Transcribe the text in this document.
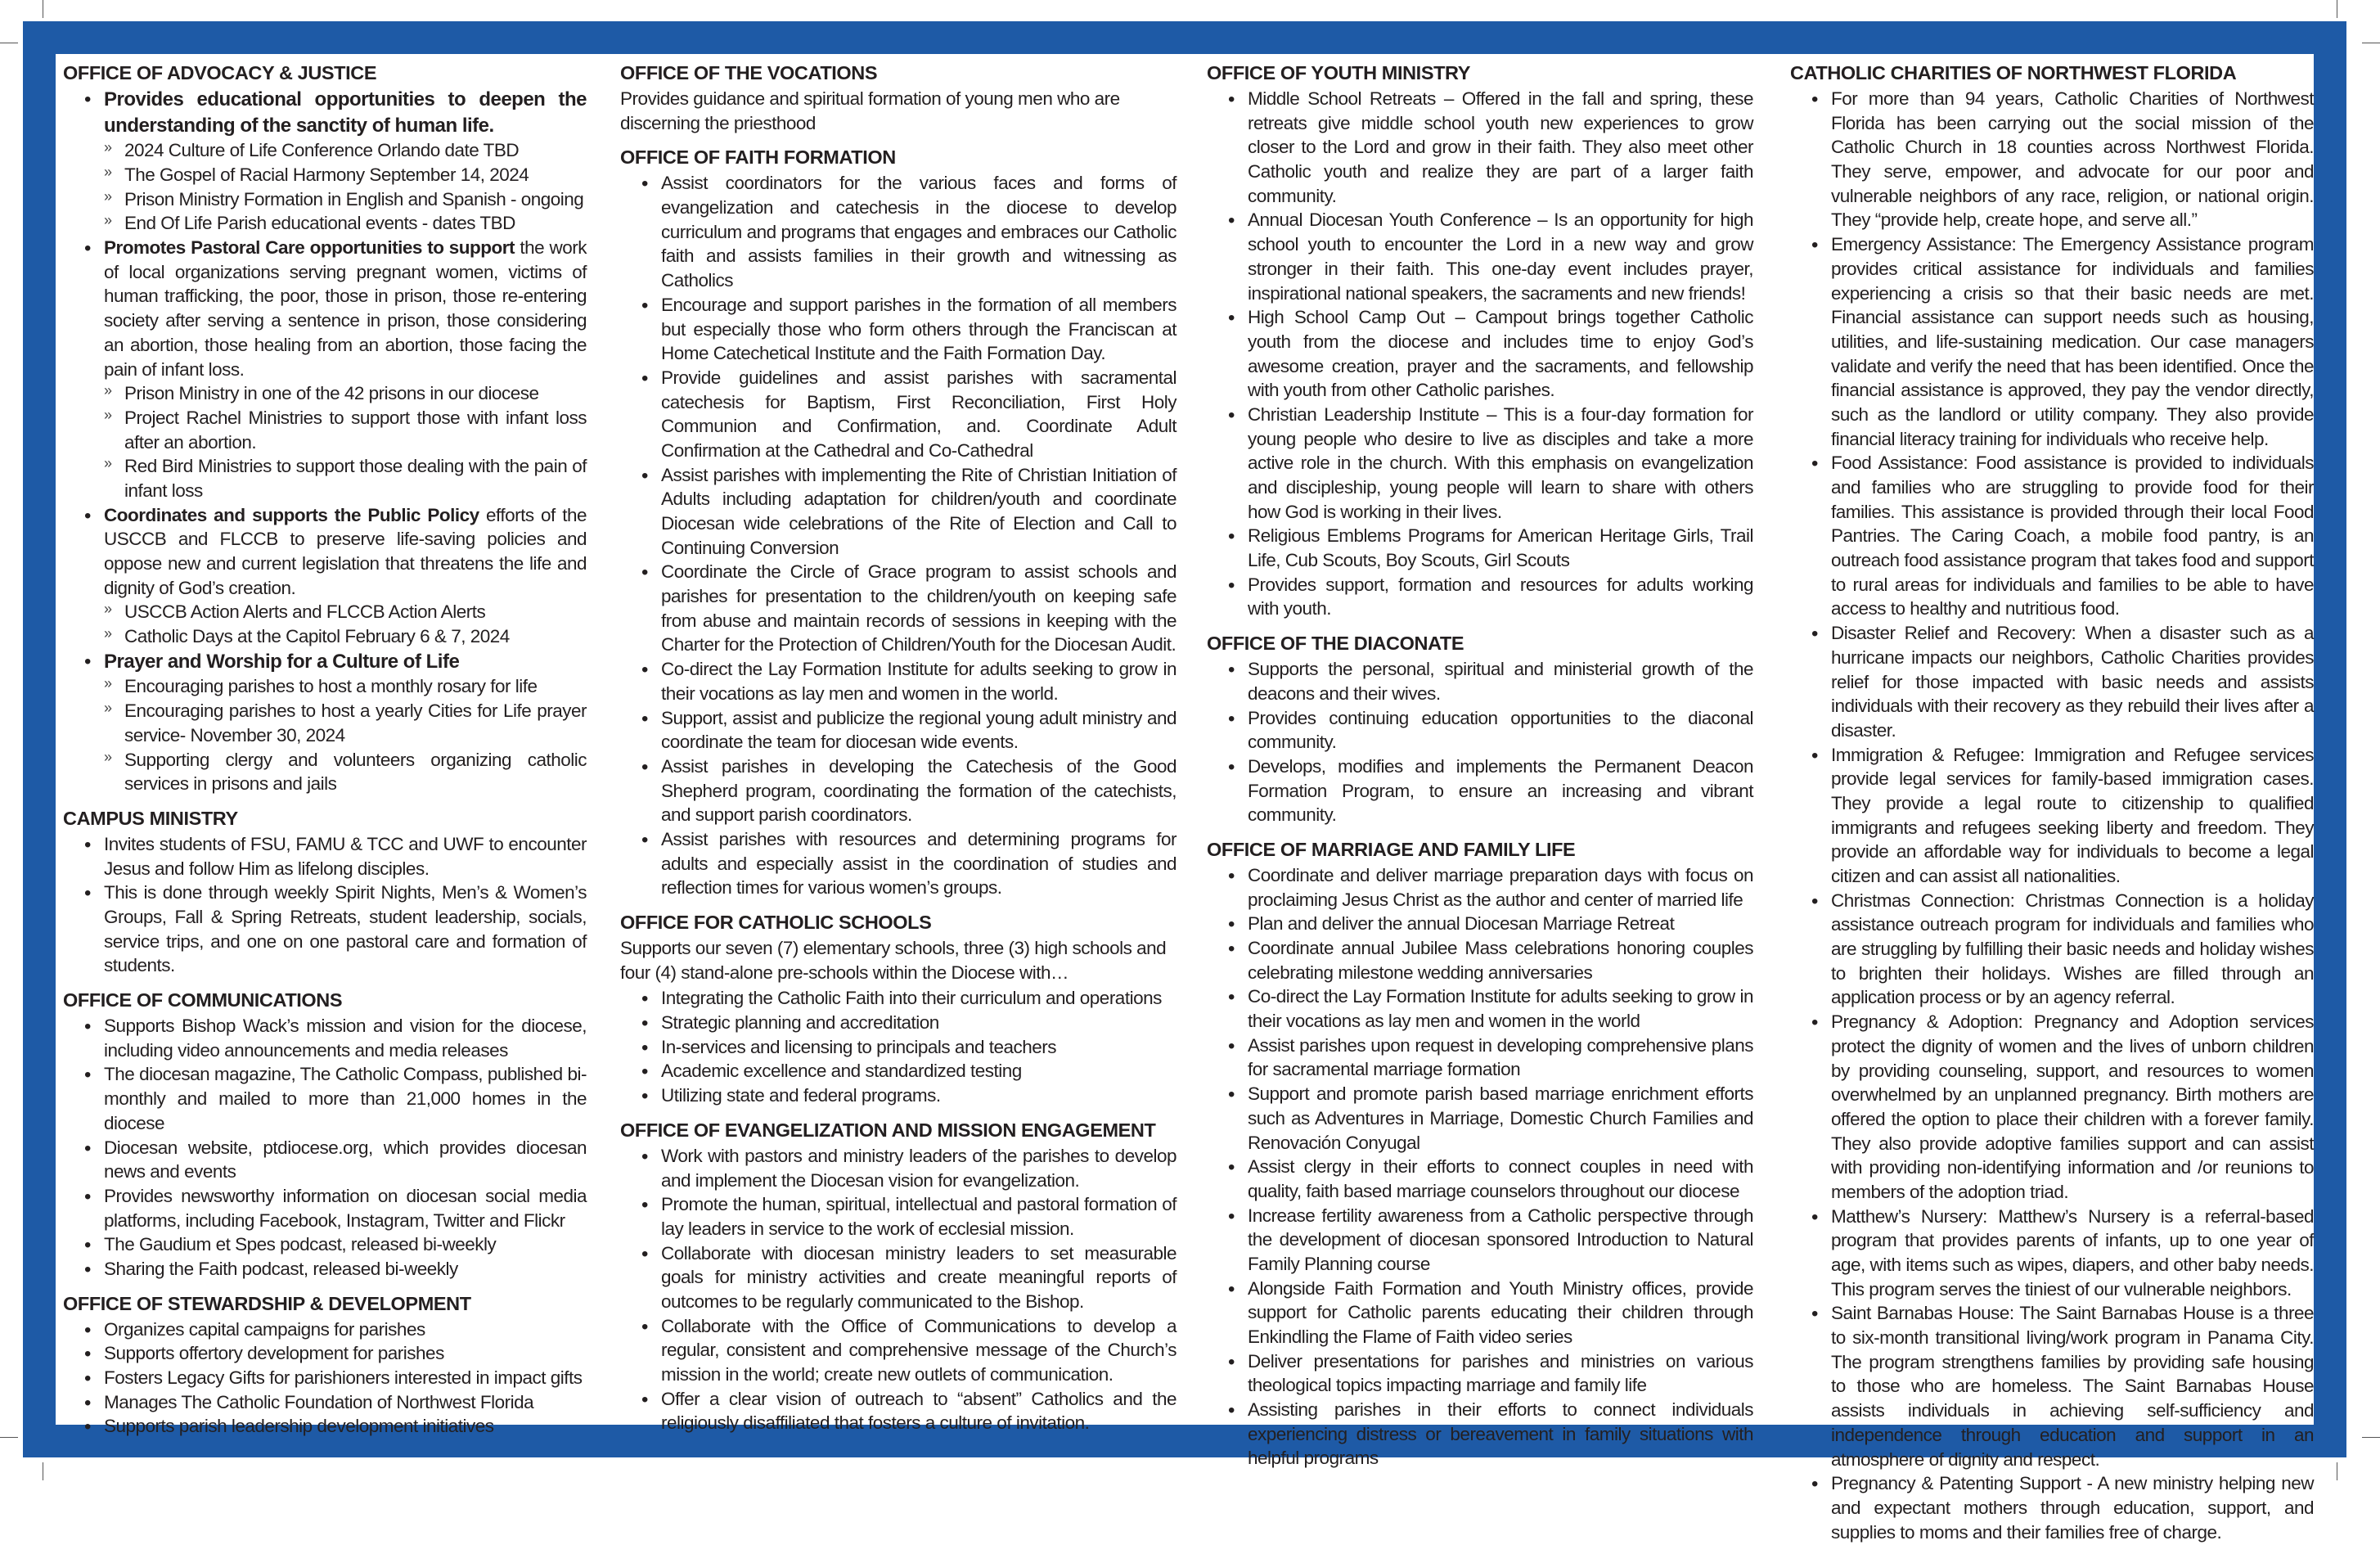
OFFICE OF ADVOCACY & JUSTICE
• Provides educational opportunities to deepen the understanding of the sanctity of human life.
» 2024 Culture of Life Conference Orlando date TBD
» The Gospel of Racial Harmony September 14, 2024
» Prison Ministry Formation in English and Spanish - ongoing
» End Of Life Parish educational events - dates TBD
• Promotes Pastoral Care opportunities to support the work of local organizations serving pregnant women, victims of human trafficking, the poor, those in prison, those re-entering society after serving a sentence in prison, those considering an abortion, those healing from an abortion, those facing the pain of infant loss.
» Prison Ministry in one of the 42 prisons in our diocese
» Project Rachel Ministries to support those with infant loss after an abortion.
» Red Bird Ministries to support those dealing with the pain of infant loss
• Coordinates and supports the Public Policy efforts of the USCCB and FLCCB to preserve life-saving policies and oppose new and current legislation that threatens the life and dignity of God’s creation.
» USCCB Action Alerts and FLCCB Action Alerts
» Catholic Days at the Capitol February 6 & 7, 2024
• Prayer and Worship for a Culture of Life
» Encouraging parishes to host a monthly rosary for life
» Encouraging parishes to host a yearly Cities for Life prayer service- November 30, 2024
» Supporting clergy and volunteers organizing catholic services in prisons and jails
CAMPUS MINISTRY
• Invites students of FSU, FAMU & TCC and UWF to encounter Jesus and follow Him as lifelong disciples.
• This is done through weekly Spirit Nights, Men’s & Women’s Groups, Fall & Spring Retreats, student leadership, socials, service trips, and one on one pastoral care and formation of students.
OFFICE OF COMMUNICATIONS
• Supports Bishop Wack’s mission and vision for the diocese, including video announcements and media releases
• The diocesan magazine, The Catholic Compass, published bi-monthly and mailed to more than 21,000 homes in the diocese
• Diocesan website, ptdiocese.org, which provides diocesan news and events
• Provides newsworthy information on diocesan social media platforms, including Facebook, Instagram, Twitter and Flickr
• The Gaudium et Spes podcast, released bi-weekly
• Sharing the Faith podcast, released bi-weekly
OFFICE OF STEWARDSHIP & DEVELOPMENT
• Organizes capital campaigns for parishes
• Supports offertory development for parishes
• Fosters Legacy Gifts for parishioners interested in impact gifts
• Manages The Catholic Foundation of Northwest Florida
• Supports parish leadership development initiatives
OFFICE OF THE VOCATIONS
Provides guidance and spiritual formation of young men who are discerning the priesthood
OFFICE OF FAITH FORMATION
• Assist coordinators for the various faces and forms of evangelization and catechesis in the diocese to develop curriculum and programs that engages and embraces our Catholic faith and assists families in their growth and witnessing as Catholics
• Encourage and support parishes in the formation of all members but especially those who form others through the Franciscan at Home Catechetical Institute and the Faith Formation Day.
• Provide guidelines and assist parishes with sacramental catechesis for Baptism, First Reconciliation, First Holy Communion and Confirmation, and. Coordinate Adult Confirmation at the Cathedral and Co-Cathedral
• Assist parishes with implementing the Rite of Christian Initiation of Adults including adaptation for children/youth and coordinate Diocesan wide celebrations of the Rite of Election and Call to Continuing Conversion
• Coordinate the Circle of Grace program to assist schools and parishes for presentation to the children/youth on keeping safe from abuse and maintain records of sessions in keeping with the Charter for the Protection of Children/Youth for the Diocesan Audit.
• Co-direct the Lay Formation Institute for adults seeking to grow in their vocations as lay men and women in the world.
• Support, assist and publicize the regional young adult ministry and coordinate the team for diocesan wide events.
• Assist parishes in developing the Catechesis of the Good Shepherd program, coordinating the formation of the catechists, and support parish coordinators.
• Assist parishes with resources and determining programs for adults and especially assist in the coordination of studies and reflection times for various women’s groups.
OFFICE FOR CATHOLIC SCHOOLS
Supports our seven (7) elementary schools, three (3) high schools and four (4) stand-alone pre-schools within the Diocese with…
• Integrating the Catholic Faith into their curriculum and operations
• Strategic planning and accreditation
• In-services and licensing to principals and teachers
• Academic excellence and standardized testing
• Utilizing state and federal programs.
OFFICE OF EVANGELIZATION AND MISSION ENGAGEMENT
• Work with pastors and ministry leaders of the parishes to develop and implement the Diocesan vision for evangelization.
• Promote the human, spiritual, intellectual and pastoral formation of lay leaders in service to the work of ecclesial mission.
• Collaborate with diocesan ministry leaders to set measurable goals for ministry activities and create meaningful reports of outcomes to be regularly communicated to the Bishop.
• Collaborate with the Office of Communications to develop a regular, consistent and comprehensive message of the Church’s mission in the world; create new outlets of communication.
• Offer a clear vision of outreach to “absent” Catholics and the religiously disaffiliated that fosters a culture of invitation.
OFFICE OF YOUTH MINISTRY
• Middle School Retreats – Offered in the fall and spring, these retreats give middle school youth new experiences to grow closer to the Lord and grow in their faith. They also meet other Catholic youth and realize they are part of a larger faith community.
• Annual Diocesan Youth Conference – Is an opportunity for high school youth to encounter the Lord in a new way and grow stronger in their faith. This one-day event includes prayer, inspirational national speakers, the sacraments and new friends!
• High School Camp Out – Campout brings together Catholic youth from the diocese and includes time to enjoy God’s awesome creation, prayer and the sacraments, and fellowship with youth from other Catholic parishes.
• Christian Leadership Institute – This is a four-day formation for young people who desire to live as disciples and take a more active role in the church. With this emphasis on evangelization and discipleship, young people will learn to share with others how God is working in their lives.
• Religious Emblems Programs for American Heritage Girls, Trail Life, Cub Scouts, Boy Scouts, Girl Scouts
• Provides support, formation and resources for adults working with youth.
OFFICE OF THE DIACONATE
• Supports the personal, spiritual and ministerial growth of the deacons and their wives.
• Provides continuing education opportunities to the diaconal community.
• Develops, modifies and implements the Permanent Deacon Formation Program, to ensure an increasing and vibrant community.
OFFICE OF MARRIAGE AND FAMILY LIFE
• Coordinate and deliver marriage preparation days with focus on proclaiming Jesus Christ as the author and center of married life
• Plan and deliver the annual Diocesan Marriage Retreat
• Coordinate annual Jubilee Mass celebrations honoring couples celebrating milestone wedding anniversaries
• Co-direct the Lay Formation Institute for adults seeking to grow in their vocations as lay men and women in the world
• Assist parishes upon request in developing comprehensive plans for sacramental marriage formation
• Support and promote parish based marriage enrichment efforts such as Adventures in Marriage, Domestic Church Families and Renovación Conyugal
• Assist clergy in their efforts to connect couples in need with quality, faith based marriage counselors throughout our diocese
• Increase fertility awareness from a Catholic perspective through the development of diocesan sponsored Introduction to Natural Family Planning course
• Alongside Faith Formation and Youth Ministry offices, provide support for Catholic parents educating their children through Enkindling the Flame of Faith video series
• Deliver presentations for parishes and ministries on various theological topics impacting marriage and family life
• Assisting parishes in their efforts to connect individuals experiencing distress or bereavement in family situations with helpful programs
CATHOLIC CHARITIES OF NORTHWEST FLORIDA
• For more than 94 years, Catholic Charities of Northwest Florida has been carrying out the social mission of the Catholic Church in 18 counties across Northwest Florida. They serve, empower, and advocate for our poor and vulnerable neighbors of any race, religion, or national origin. They “provide help, create hope, and serve all.”
• Emergency Assistance: The Emergency Assistance program provides critical assistance for individuals and families experiencing a crisis so that their basic needs are met. Financial assistance can support needs such as housing, utilities, and life-sustaining medication. Our case managers validate and verify the need that has been identified. Once the financial assistance is approved, they pay the vendor directly, such as the landlord or utility company. They also provide financial literacy training for individuals who receive help.
• Food Assistance: Food assistance is provided to individuals and families who are struggling to provide food for their families. This assistance is provided through their local Food Pantries. The Caring Coach, a mobile food pantry, is an outreach food assistance program that takes food and support to rural areas for individuals and families to be able to have access to healthy and nutritious food.
• Disaster Relief and Recovery: When a disaster such as a hurricane impacts our neighbors, Catholic Charities provides relief for those impacted with basic needs and assists individuals with their recovery as they rebuild their lives after a disaster.
• Immigration & Refugee: Immigration and Refugee services provide legal services for family-based immigration cases. They provide a legal route to citizenship to qualified immigrants and refugees seeking liberty and freedom. They provide an affordable way for individuals to become a legal citizen and can assist all nationalities.
• Christmas Connection: Christmas Connection is a holiday assistance outreach program for individuals and families who are struggling by fulfilling their basic needs and holiday wishes to brighten their holidays. Wishes are filled through an application process or by an agency referral.
• Pregnancy & Adoption: Pregnancy and Adoption services protect the dignity of women and the lives of unborn children by providing counseling, support, and resources to women overwhelmed by an unplanned pregnancy. Birth mothers are offered the option to place their children with a forever family. They also provide adoptive families support and can assist with providing non-identifying information and /or reunions to members of the adoption triad.
• Matthew’s Nursery: Matthew’s Nursery is a referral-based program that provides parents of infants, up to one year of age, with items such as wipes, diapers, and other baby needs. This program serves the tiniest of our vulnerable neighbors.
• Saint Barnabas House: The Saint Barnabas House is a three to six-month transitional living/work program in Panama City. The program strengthens families by providing safe housing to those who are homeless. The Saint Barnabas House assists individuals in achieving self-sufficiency and independence through education and support in an atmosphere of dignity and respect.
• Pregnancy & Patenting Support - A new ministry helping new and expectant mothers through education, support, and supplies to moms and their families free of charge.
